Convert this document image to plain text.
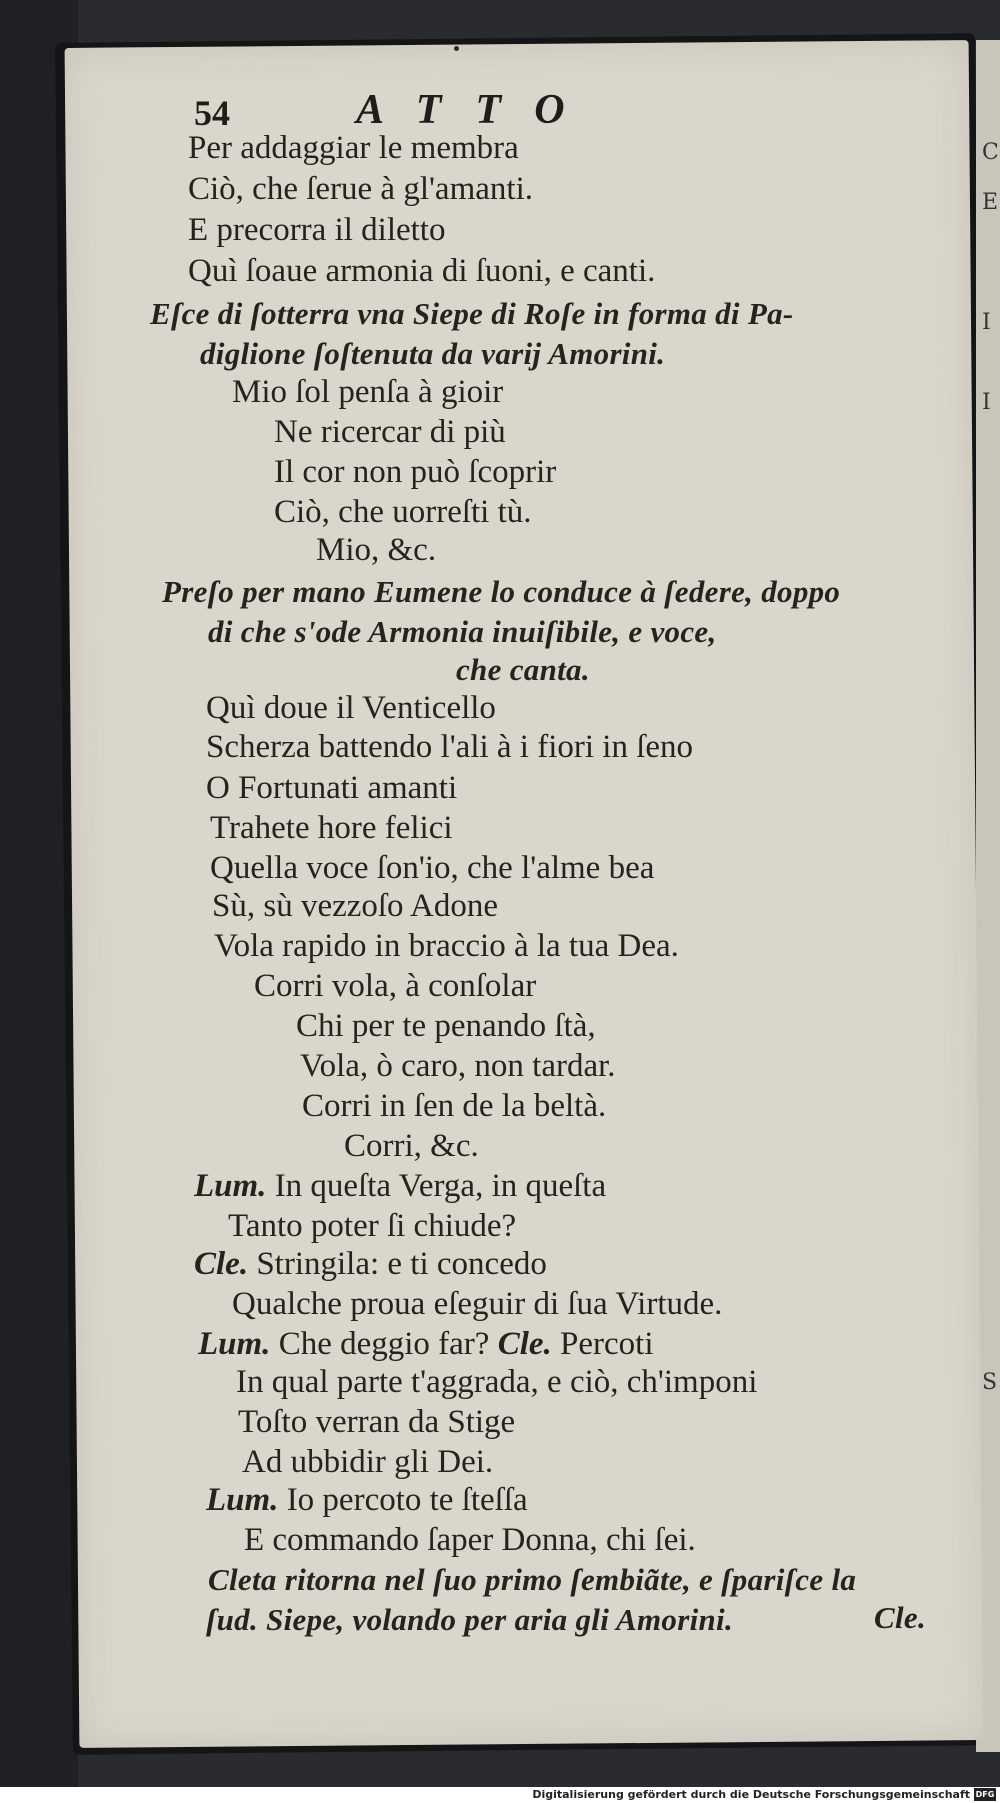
C
E
I
I
S
54	ATTO
Per addaggiar le membra
Ciò, che ſerue à gl'amanti.
E precorra il diletto
Quì ſoaue armonia di ſuoni, e canti.
Eſce di ſotterra vna Siepe di Roſe in forma di Pa-
diglione ſoſtenuta da varij Amorini.
Mio ſol penſa à gioir
Ne ricercar di più
Il cor non può ſcoprir
Ciò, che uorreſti tù.
Mio, &c.
Preſo per mano Eumene lo conduce à ſedere, doppo
di che s'ode Armonia inuiſibile, e voce,
che canta.
Quì doue il Venticello
Scherza battendo l'ali à i fiori in ſeno
O Fortunati amanti
Trahete hore felici
Quella voce ſon'io, che l'alme bea
Sù, sù vezzoſo Adone
Vola rapido in braccio à la tua Dea.
Corri vola, à conſolar
Chi per te penando ſtà,
Vola, ò caro, non tardar.
Corri in ſen de la beltà.
Corri, &c.
Lum. In queſta Verga, in queſta
Tanto poter ſi chiude?
Cle. Stringila: e ti concedo
Qualche proua eſeguir di ſua Virtude.
Lum. Che deggio far? Cle. Percoti
In qual parte t'aggrada, e ciò, ch'imponi
Toſto verran da Stige
Ad ubbidir gli Dei.
Lum. Io percoto te ſteſſa
E commando ſaper Donna, chi ſei.
Cleta ritorna nel ſuo primo ſembiãte, e ſpariſce la
ſud. Siepe, volando per aria gli Amorini.	Cle.
Digitalisierung gefördert durch die Deutsche Forschungsgemeinschaft DFG
